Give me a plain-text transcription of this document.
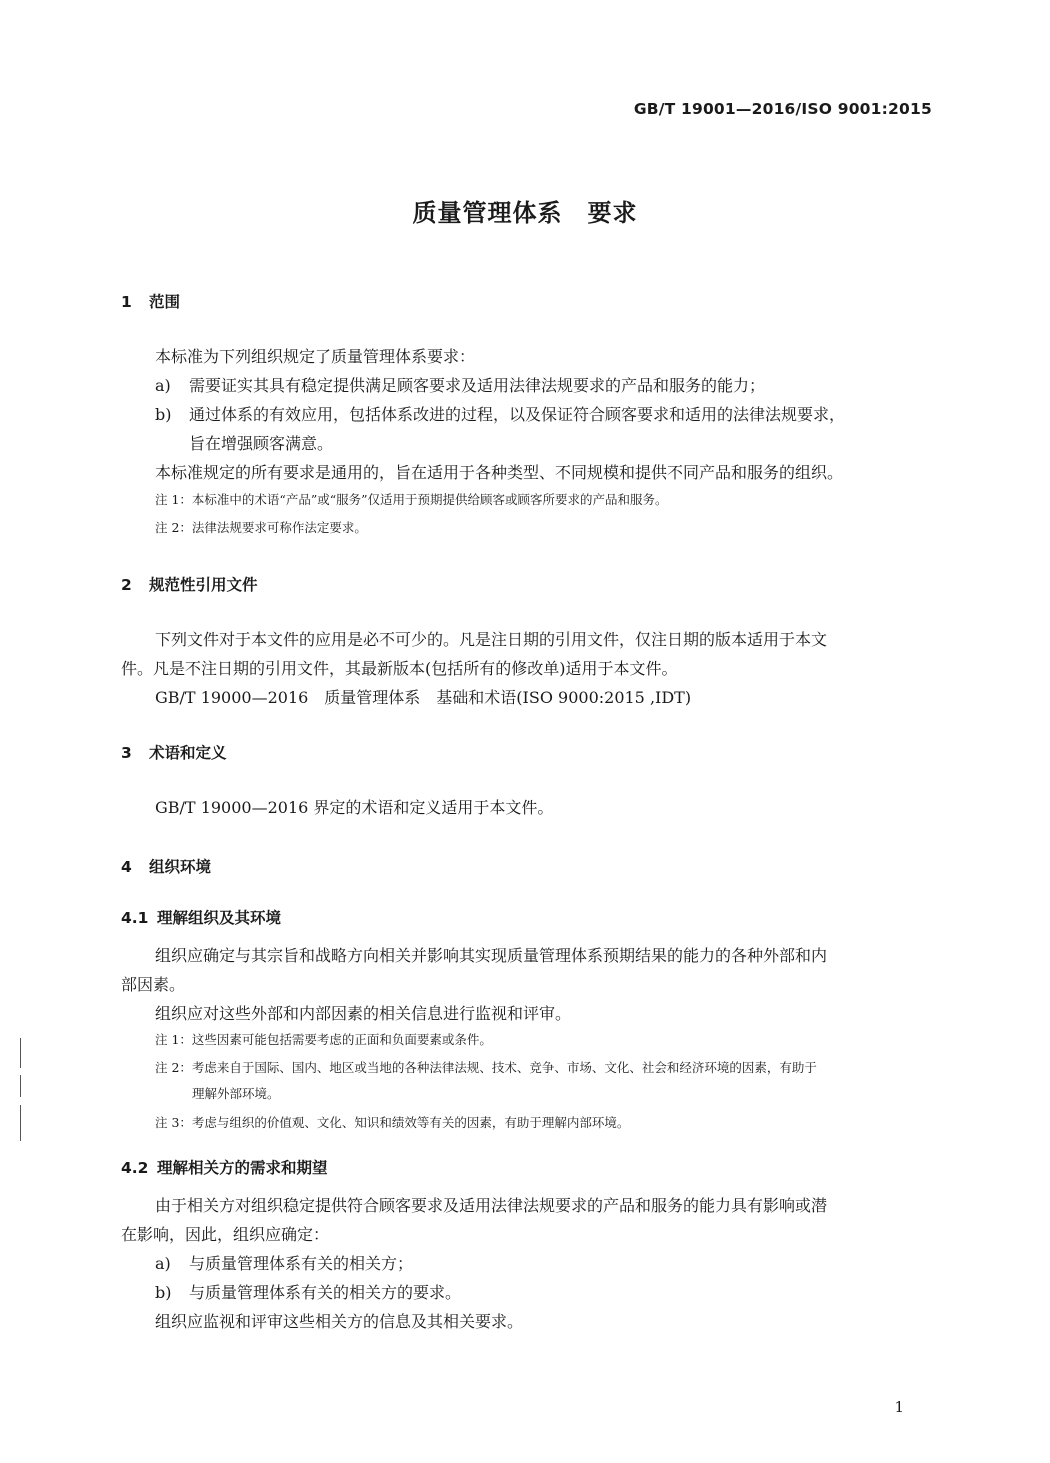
GB/T 19001—2016/ISO 9001:2015
质量管理体系　要求
1 范围
本标准为下列组织规定了质量管理体系要求：
a) 需要证实其具有稳定提供满足顾客要求及适用法律法规要求的产品和服务的能力；
b) 通过体系的有效应用，包括体系改进的过程，以及保证符合顾客要求和适用的法律法规要求，
旨在增强顾客满意。
本标准规定的所有要求是通用的，旨在适用于各种类型、不同规模和提供不同产品和服务的组织。
注 1：本标准中的术语“产品”或“服务”仅适用于预期提供给顾客或顾客所要求的产品和服务。
注 2：法律法规要求可称作法定要求。
2 规范性引用文件
下列文件对于本文件的应用是必不可少的。凡是注日期的引用文件，仅注日期的版本适用于本文
件。凡是不注日期的引用文件，其最新版本(包括所有的修改单)适用于本文件。
GB/T 19000—2016　质量管理体系　基础和术语(ISO 9000:2015 ,IDT)
3 术语和定义
GB/T 19000—2016 界定的术语和定义适用于本文件。
4 组织环境
4.1 理解组织及其环境
组织应确定与其宗旨和战略方向相关并影响其实现质量管理体系预期结果的能力的各种外部和内
部因素。
组织应对这些外部和内部因素的相关信息进行监视和评审。
注 1：这些因素可能包括需要考虑的正面和负面要素或条件。
注 2：考虑来自于国际、国内、地区或当地的各种法律法规、技术、竞争、市场、文化、社会和经济环境的因素，有助于
理解外部环境。
注 3：考虑与组织的价值观、文化、知识和绩效等有关的因素，有助于理解内部环境。
4.2 理解相关方的需求和期望
由于相关方对组织稳定提供符合顾客要求及适用法律法规要求的产品和服务的能力具有影响或潜
在影响，因此，组织应确定：
a) 与质量管理体系有关的相关方；
b) 与质量管理体系有关的相关方的要求。
组织应监视和评审这些相关方的信息及其相关要求。
1
